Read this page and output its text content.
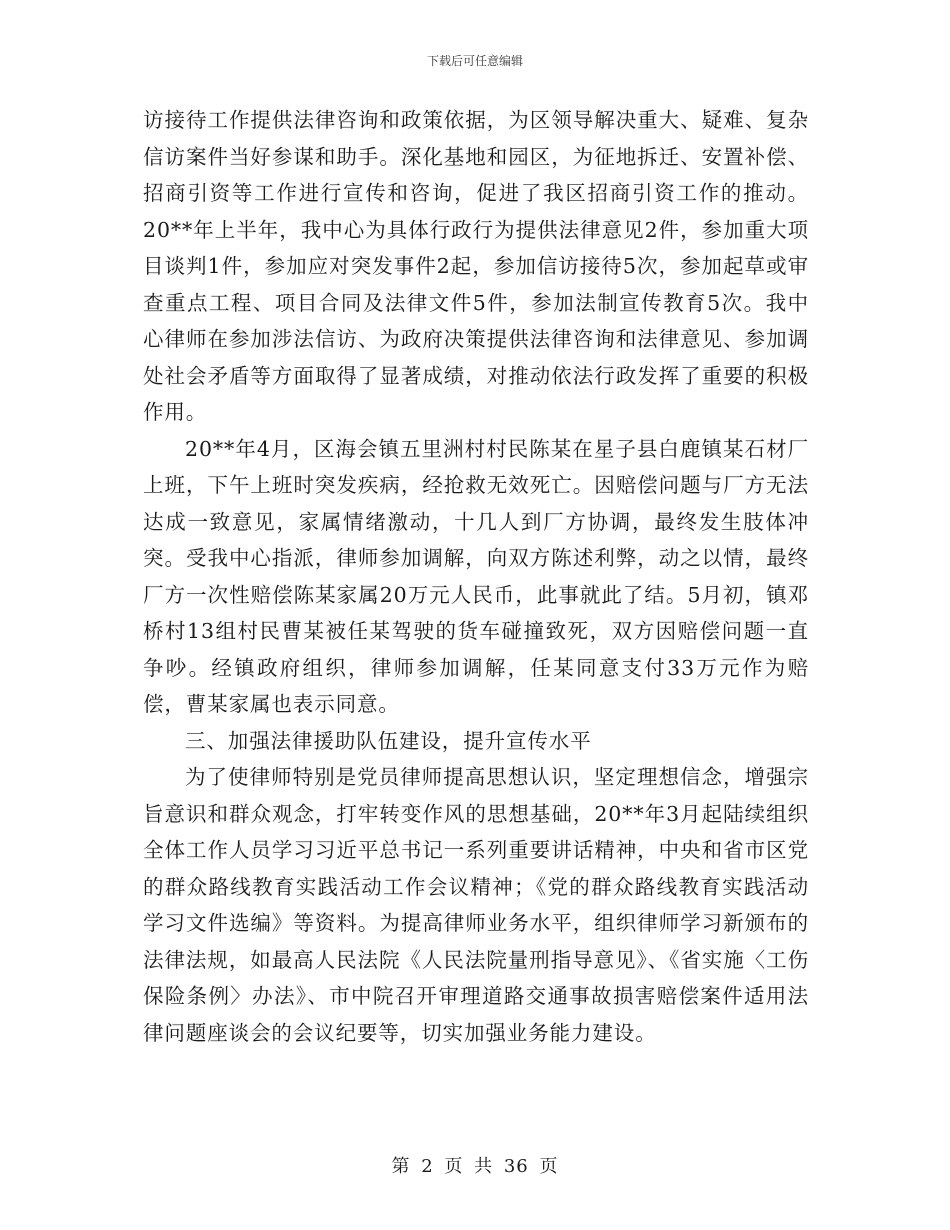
下载后可任意编辑

访接待工作提供法律咨询和政策依据，为区领导解决重大、疑难、复杂信访案件当好参谋和助手。深化基地和园区，为征地拆迁、安置补偿、招商引资等工作进行宣传和咨询，促进了我区招商引资工作的推动。20**年上半年，我中心为具体行政行为提供法律意见2件，参加重大项目谈判1件，参加应对突发事件2起，参加信访接待5次，参加起草或审查重点工程、项目合同及法律文件5件，参加法制宣传教育5次。我中心律师在参加涉法信访、为政府决策提供法律咨询和法律意见、参加调处社会矛盾等方面取得了显著成绩，对推动依法行政发挥了重要的积极作用。

20**年4月，区海会镇五里洲村村民陈某在星子县白鹿镇某石材厂上班，下午上班时突发疾病，经抢救无效死亡。因赔偿问题与厂方无法达成一致意见，家属情绪激动，十几人到厂方协调，最终发生肢体冲突。受我中心指派，律师参加调解，向双方陈述利弊，动之以情，最终厂方一次性赔偿陈某家属20万元人民币，此事就此了结。5月初，镇邓桥村13组村民曹某被任某驾驶的货车碰撞致死，双方因赔偿问题一直争吵。经镇政府组织，律师参加调解，任某同意支付33万元作为赔偿，曹某家属也表示同意。

三、加强法律援助队伍建设，提升宣传水平

为了使律师特别是党员律师提高思想认识，坚定理想信念，增强宗旨意识和群众观念，打牢转变作风的思想基础，20**年3月起陆续组织全体工作人员学习习近平总书记一系列重要讲话精神，中央和省市区党的群众路线教育实践活动工作会议精神；《党的群众路线教育实践活动学习文件选编》等资料。为提高律师业务水平，组织律师学习新颁布的法律法规，如最高人民法院《人民法院量刑指导意见》、《省实施〈工伤保险条例〉办法》、市中院召开审理道路交通事故损害赔偿案件适用法律问题座谈会的会议纪要等，切实加强业务能力建设。

第 2 页 共 36 页
